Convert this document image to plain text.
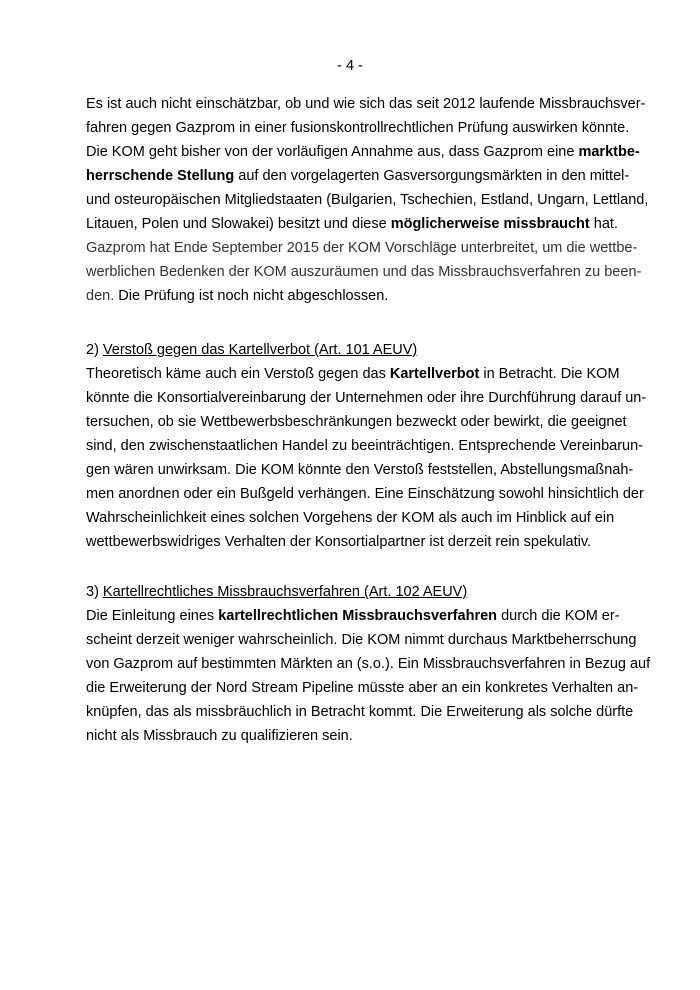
- 4 -
Es ist auch nicht einschätzbar, ob und wie sich das seit 2012 laufende Missbrauchsver-
fahren gegen Gazprom in einer fusionskontrollrechtlichen Prüfung auswirken könnte.
Die KOM geht bisher von der vorläufigen Annahme aus, dass Gazprom eine marktbe-
herrschende Stellung auf den vorgelagerten Gasversorgungsmärkten in den mittel-
und osteuropäischen Mitgliedstaaten (Bulgarien, Tschechien, Estland, Ungarn, Lettland,
Litauen, Polen und Slowakei) besitzt und diese möglicherweise missbraucht hat.
Gazprom hat Ende September 2015 der KOM Vorschläge unterbreitet, um die wettbe-
werblichen Bedenken der KOM auszuräumen und das Missbrauchsverfahren zu been-
den. Die Prüfung ist noch nicht abgeschlossen.
2) Verstoß gegen das Kartellverbot (Art. 101 AEUV)
Theoretisch käme auch ein Verstoß gegen das Kartellverbot in Betracht. Die KOM
könnte die Konsortialvereinbarung der Unternehmen oder ihre Durchführung darauf un-
tersuchen, ob sie Wettbewerbsbeschränkungen bezweckt oder bewirkt, die geeignet
sind, den zwischenstaatlichen Handel zu beeinträchtigen. Entsprechende Vereinbarun-
gen wären unwirksam. Die KOM könnte den Verstoß feststellen, Abstellungsmaßnah-
men anordnen oder ein Bußgeld verhängen. Eine Einschätzung sowohl hinsichtlich der
Wahrscheinlichkeit eines solchen Vorgehens der KOM als auch im Hinblick auf ein
wettbewerbswidriges Verhalten der Konsortialpartner ist derzeit rein spekulativ.
3) Kartellrechtliches Missbrauchsverfahren (Art. 102 AEUV)
Die Einleitung eines kartellrechtlichen Missbrauchsverfahren durch die KOM er-
scheint derzeit weniger wahrscheinlich. Die KOM nimmt durchaus Marktbeherrschung
von Gazprom auf bestimmten Märkten an (s.o.). Ein Missbrauchsverfahren in Bezug auf
die Erweiterung der Nord Stream Pipeline müsste aber an ein konkretes Verhalten an-
knüpfen, das als missbräuchlich in Betracht kommt. Die Erweiterung als solche dürfte
nicht als Missbrauch zu qualifizieren sein.
